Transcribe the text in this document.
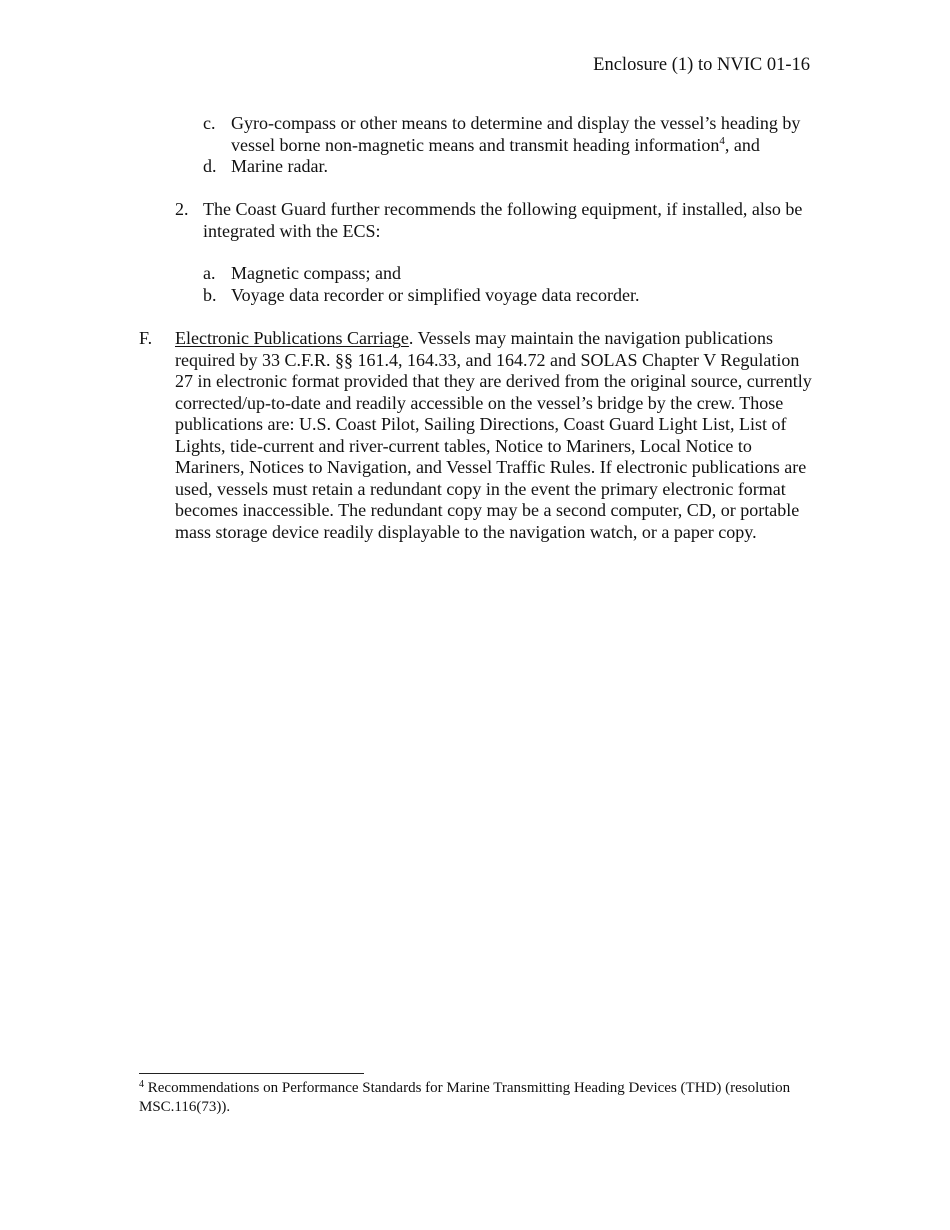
Enclosure (1) to NVIC 01-16
c. Gyro-compass or other means to determine and display the vessel’s heading by vessel borne non-magnetic means and transmit heading information$^4$, and
d. Marine radar.
2. The Coast Guard further recommends the following equipment, if installed, also be integrated with the ECS:
a. Magnetic compass; and
b. Voyage data recorder or simplified voyage data recorder.
F.	Electronic Publications Carriage. Vessels may maintain the navigation publications required by 33 C.F.R. §§ 161.4, 164.33, and 164.72 and SOLAS Chapter V Regulation 27 in electronic format provided that they are derived from the original source, currently corrected/up-to-date and readily accessible on the vessel’s bridge by the crew. Those publications are: U.S. Coast Pilot, Sailing Directions, Coast Guard Light List, List of Lights, tide-current and river-current tables, Notice to Mariners, Local Notice to Mariners, Notices to Navigation, and Vessel Traffic Rules. If electronic publications are used, vessels must retain a redundant copy in the event the primary electronic format becomes inaccessible. The redundant copy may be a second computer, CD, or portable mass storage device readily displayable to the navigation watch, or a paper copy.
$^4$ Recommendations on Performance Standards for Marine Transmitting Heading Devices (THD) (resolution MSC.116(73)).
